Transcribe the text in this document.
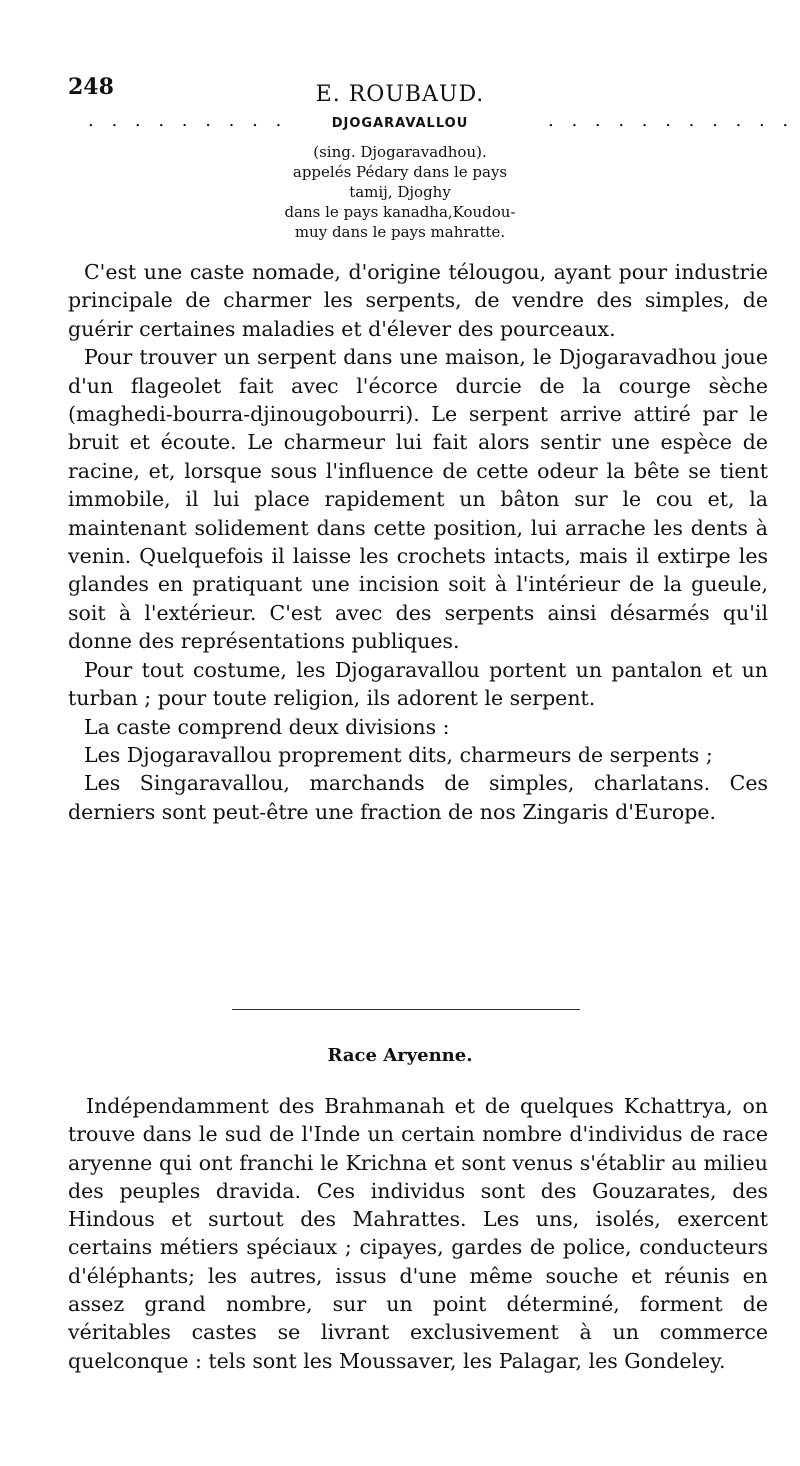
248	E. ROUBAUD.
. . . . . . . . .	DJOGARAVALLOU	. . . . . . . . . . .
(sing. Djogaravadhou).
appelés Pédary dans le pays
tamij, Djoghy
dans le pays kanadha,Koudou-
muy dans le pays mahratte.

C'est une caste nomade, d'origine télougou, ayant pour industrie principale de charmer les serpents, de vendre des simples, de guérir certaines maladies et d'élever des pourceaux.

Pour trouver un serpent dans une maison, le Djogaravadhou joue d'un flageolet fait avec l'écorce durcie de la courge sèche (maghedi-bourra-djinougobourri). Le serpent arrive attiré par le bruit et écoute. Le charmeur lui fait alors sentir une espèce de racine, et, lorsque sous l'influence de cette odeur la bête se tient immobile, il lui place rapidement un bâton sur le cou et, la maintenant solidement dans cette position, lui arrache les dents à venin. Quelquefois il laisse les crochets intacts, mais il extirpe les glandes en pratiquant une incision soit à l'intérieur de la gueule, soit à l'extérieur. C'est avec des serpents ainsi désarmés qu'il donne des représentations publiques.

Pour tout costume, les Djogaravallou portent un pantalon et un turban ; pour toute religion, ils adorent le serpent.

La caste comprend deux divisions :

Les Djogaravallou proprement dits, charmeurs de serpents ;

Les Singaravallou, marchands de simples, charlatans. Ces derniers sont peut-être une fraction de nos Zingaris d'Europe.

Race Aryenne.

Indépendamment des Brahmanah et de quelques Kchattrya, on trouve dans le sud de l'Inde un certain nombre d'individus de race aryenne qui ont franchi le Krichna et sont venus s'établir au milieu des peuples dravida. Ces individus sont des Gouzarates, des Hindous et surtout des Mahrattes. Les uns, isolés, exercent certains métiers spéciaux ; cipayes, gardes de police, conducteurs d'éléphants; les autres, issus d'une même souche et réunis en assez grand nombre, sur un point déterminé, forment de véritables castes se livrant exclusivement à un commerce quelconque : tels sont les Moussaver, les Palagar, les Gondeley.
